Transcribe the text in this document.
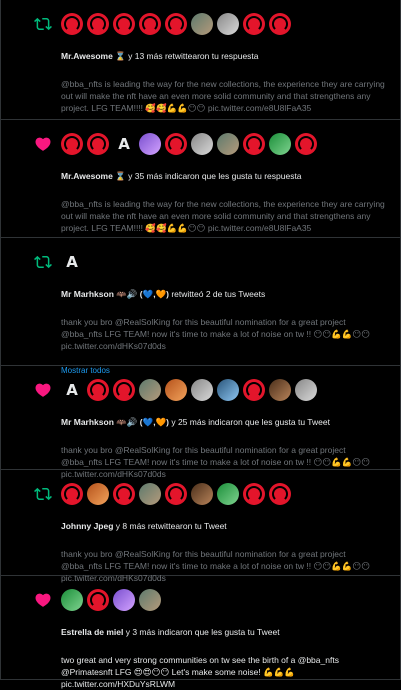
Mr.Awesome ⌛ y 13 más retwittearon tu respuesta
@bba_nfts is leading the way for the new collections, the experience they are carrying out will make the nft have an even more solid community and that strengthens any project. LFG TEAM!!!! 🥰🥰💪💪😶😶 pic.twitter.com/e8U8lFaA35
A
Mr.Awesome ⌛ y 35 más indicaron que les gusta tu respuesta
@bba_nfts is leading the way for the new collections, the experience they are carrying out will make the nft have an even more solid community and that strengthens any project. LFG TEAM!!!! 🥰🥰💪💪😶😶 pic.twitter.com/e8U8lFaA35
A
Mr Marhkson 🦇🔊 (💙,🧡) retwitteó 2 de tus Tweets
thank you bro @RealSolKing for this beautiful nomination for a great project @bba_nfts LFG TEAM! now it's time to make a lot of noise on tw !! 😶😶💪💪😶😶 pic.twitter.com/dHKs07d0ds
Mostrar todos
A
Mr Marhkson 🦇🔊 (💙,🧡) y 25 más indicaron que les gusta tu Tweet
thank you bro @RealSolKing for this beautiful nomination for a great project @bba_nfts LFG TEAM! now it's time to make a lot of noise on tw !! 😶😶💪💪😶😶 pic.twitter.com/dHKs07d0ds
Johnny Jpeg y 8 más retwittearon tu Tweet
thank you bro @RealSolKing for this beautiful nomination for a great project @bba_nfts LFG TEAM! now it's time to make a lot of noise on tw !! 😶😶💪💪😶😶 pic.twitter.com/dHKs07d0ds
Estrella de miel y 3 más indicaron que les gusta tu Tweet
two great and very strong communities on tw see the birth of a @bba_nfts @Primatesnft LFG 😍😍😶😶 Let's make some noise! 💪💪💪 pic.twitter.com/HXDuYsRLWM
